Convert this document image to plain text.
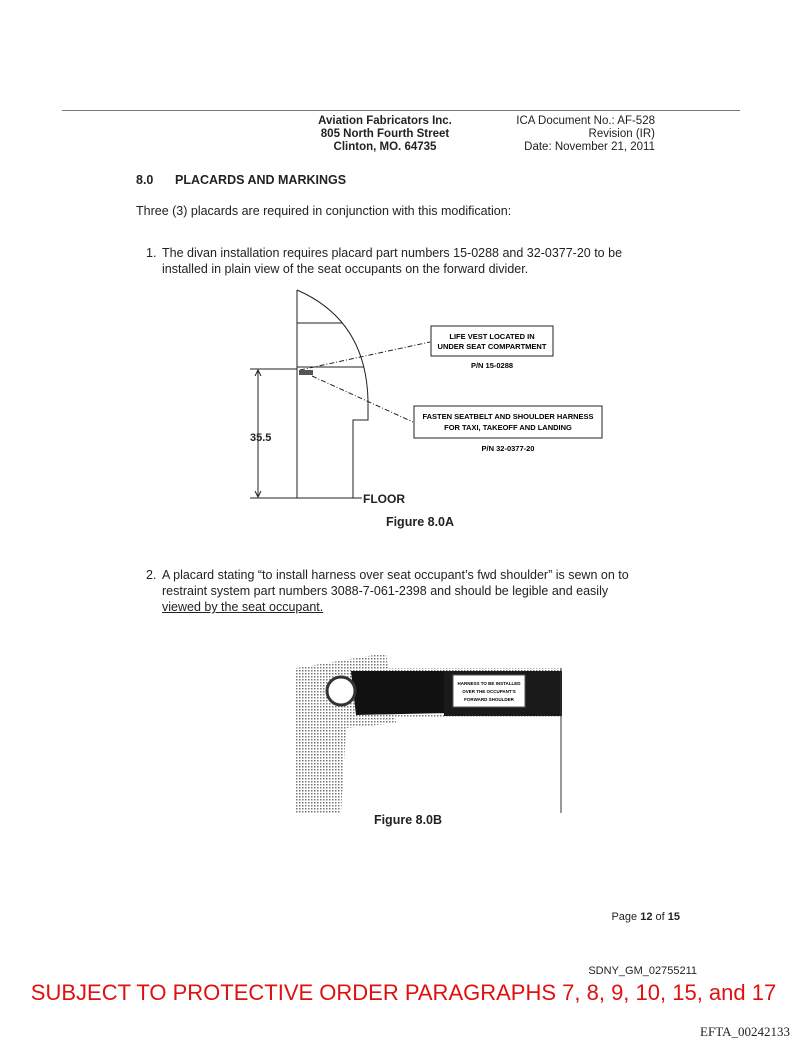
Aviation Fabricators Inc.
805 North Fourth Street
Clinton, MO. 64735
ICA Document No.: AF-528
Revision (IR)
Date: November 21, 2011
8.0 PLACARDS AND MARKINGS
Three (3) placards are required in conjunction with this modification:
1. The divan installation requires placard part numbers 15-0288 and 32-0377-20 to be
installed in plain view of the seat occupants on the forward divider.
35.5
FLOOR
LIFE VEST LOCATED IN
UNDER SEAT COMPARTMENT
P/N 15-0288
FASTEN SEATBELT AND SHOULDER HARNESS
FOR TAXI, TAKEOFF AND LANDING
P/N 32-0377-20
Figure 8.0A
2. A placard stating “to install harness over seat occupant’s fwd shoulder” is sewn on to
restraint system part numbers 3088-7-061-2398 and should be legible and easily
viewed by the seat occupant.
HARNESS TO BE INSTALLED
OVER THE OCCUPANT'S
FORWARD SHOULDER
Figure 8.0B
Page 12 of 15
SDNY_GM_02755211
SUBJECT TO PROTECTIVE ORDER PARAGRAPHS 7, 8, 9, 10, 15, and 17
EFTA_00242133
